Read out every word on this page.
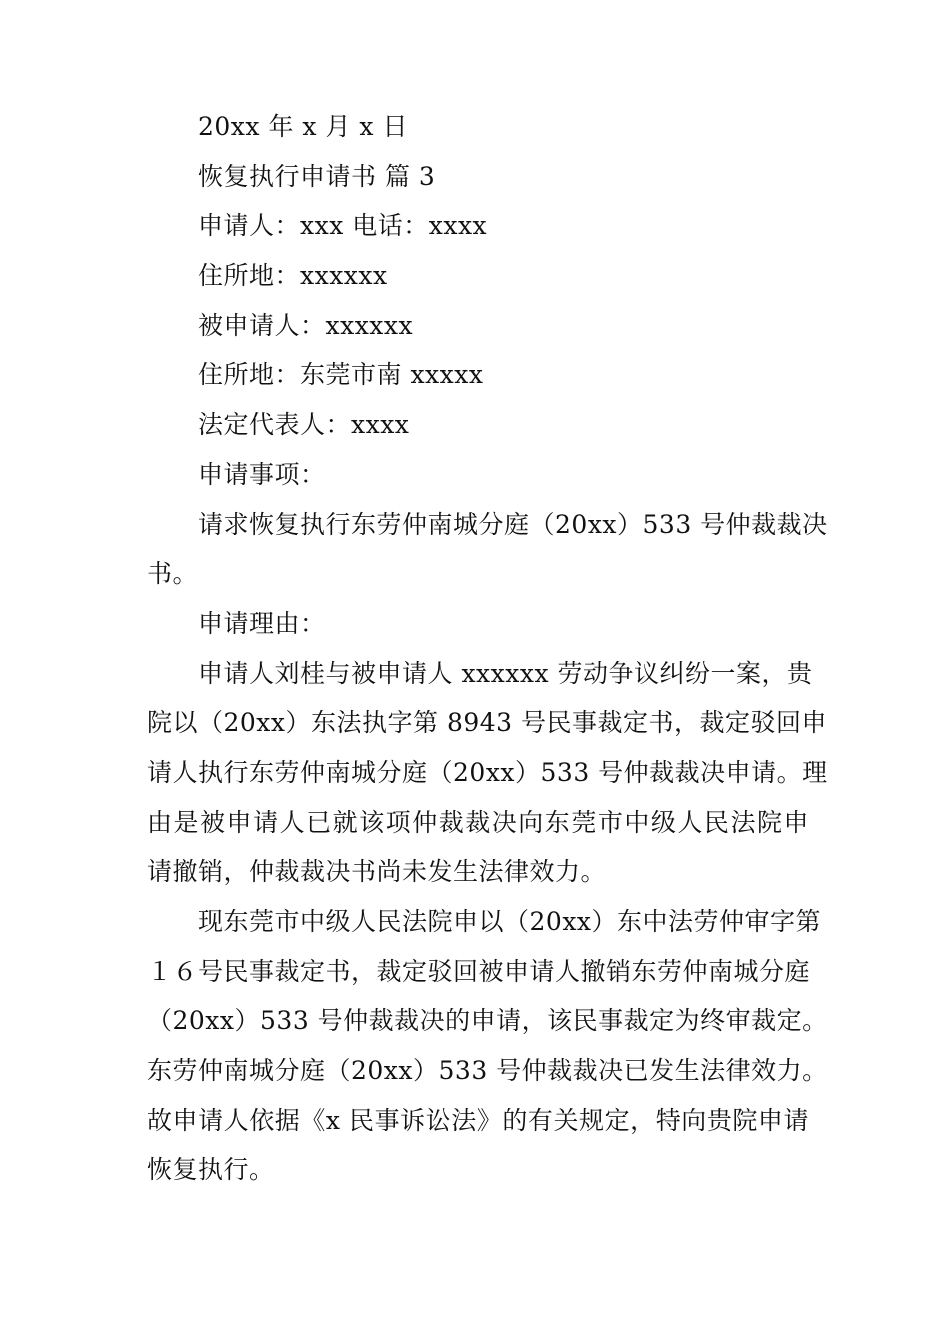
20xx 年 x 月 x 日
恢复执行申请书 篇 3
申请人：xxx 电话：xxxx
住所地：xxxxxx
被申请人：xxxxxx
住所地：东莞市南 xxxxx
法定代表人：xxxx
申请事项：
请求恢复执行东劳仲南城分庭（20xx）533 号仲裁裁决
书。
申请理由：
申请人刘桂与被申请人 xxxxxx 劳动争议纠纷一案，贵
院以（20xx）东法执字第 8943 号民事裁定书，裁定驳回申
请人执行东劳仲南城分庭（20xx）533 号仲裁裁决申请。理
由是被申请人已就该项仲裁裁决向东莞市中级人民法院申
请撤销，仲裁裁决书尚未发生法律效力。
现东莞市中级人民法院申以（20xx）东中法劳仲审字第
１６号民事裁定书，裁定驳回被申请人撤销东劳仲南城分庭
（20xx）533 号仲裁裁决的申请，该民事裁定为终审裁定。
东劳仲南城分庭（20xx）533 号仲裁裁决已发生法律效力。
故申请人依据《x 民事诉讼法》的有关规定，特向贵院申请
恢复执行。
